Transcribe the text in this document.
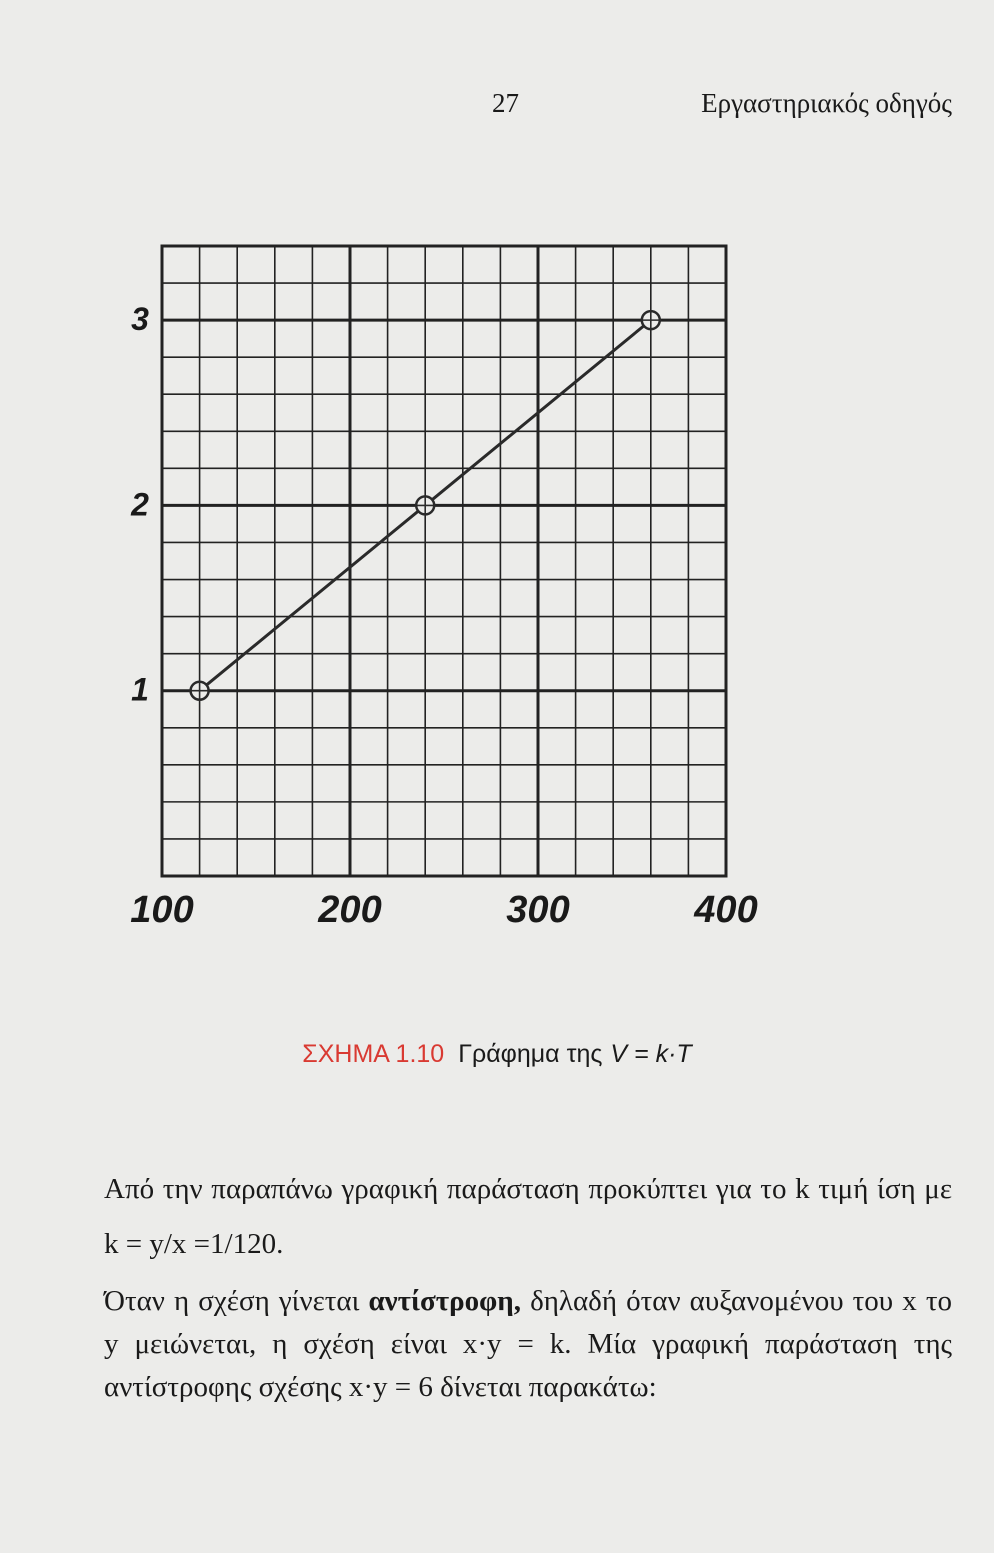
27	Εργαστηριακός οδηγός
1
2
3
100	200	300	400
ΣΧΗΜΑ 1.10 Γράφημα της V = k·T
Από την παραπάνω γραφική παράσταση προκύπτει για το k τιμή ίση με k = y/x =1/120.
Όταν η σχέση γίνεται αντίστροφη, δηλαδή όταν αυξανομένου του x το y μειώνεται, η σχέση είναι x·y = k. Μία γραφική παράσταση της αντίστροφης σχέσης x·y = 6 δίνεται παρακάτω:
